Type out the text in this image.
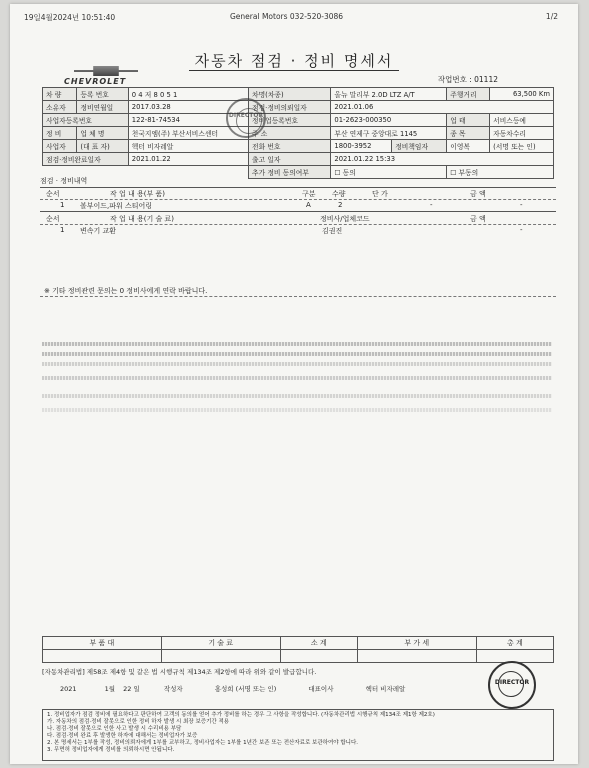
19일4월2024년 10:51:40	General Motors 032-520-3086	1/2
자동차 점검 · 정비 명세서
CHEVROLET	작업번호 : 01112
차 량	등록 번호	0 4 저 8 0 5 1	차명(차종)	올뉴 말리부 2.0D LTZ A/T		주행거리	63,500 Km
소유자	정비연월일	2017.03.28	점검·정비의뢰일자	2021.01.06			
사업자등록번호		122-81-74534	정비업등록번호	01-2623-000350		업 태	서비스등예
정 비	업 체 명	천국지엠(주) 부산서비스센터	주 소	부산 연제구 중앙대로 1145		종 목	자동차수리
사업자	(대 표 자)	헥터 비자레알	전화 번호	1800-3952	정비책임자	이영복	(서명 또는 인)
점검·정비완료일자		2021.01.22	출고 일자	2021.01.22 15:33			
			추가 정비 동의여부	☐ 동의		☐ 부동의	
점검 · 정비내역
순서	작 업 내 용(부 품)	구분 수량	단 가	금 액
1 볼부이드,파워 스티어링	A	2	-	-
순서	작 업 내 용(기 술 료)	정비사/업체코드	금 액
1 변속기 교환	김권진	-
※ 기타 정비관련 문의는 0 정비사에게 연락 바랍니다.
부 품 대	기 술 료	소 계	부 가 세	총 계

[자동차관리법] 제58조 제4항 및 같은 법 시행규칙 제134조 제2항에 따라 위와 같이 발급합니다.
2021	1월 22 일	작성자	홍성희 (서명 또는 인)	대표이사	헥터 비자레알
DIRECTOR
DIRECTOR
1. 정비업자가 점검 정비에 필요하다고 판단하여 고객의 동의를 얻어 추가 정비를 하는 경우 그 사항을 작성합니다. (자동차관리법 시행규칙 제134조 제1항 제2호)
가. 자동차의 점검·정비 잘못으로 인한 정비 하자 발생 시 최장 보증기간 적용
나. 점검·정비 잘못으로 인한 사고 발생 시 수리비용 부담
다. 점검·정비 완료 후 발생한 하자에 대해서는 정비업자가 보증
2. 본 명세서는 1부를 작성, 정비의뢰자에게 1부를 교부하고, 정비사업자는 1부를 1년간 보존 또는 전산자료로 보관하여야 합니다.
3. 무면허 정비업자에게 정비를 의뢰하시면 안됩니다.
